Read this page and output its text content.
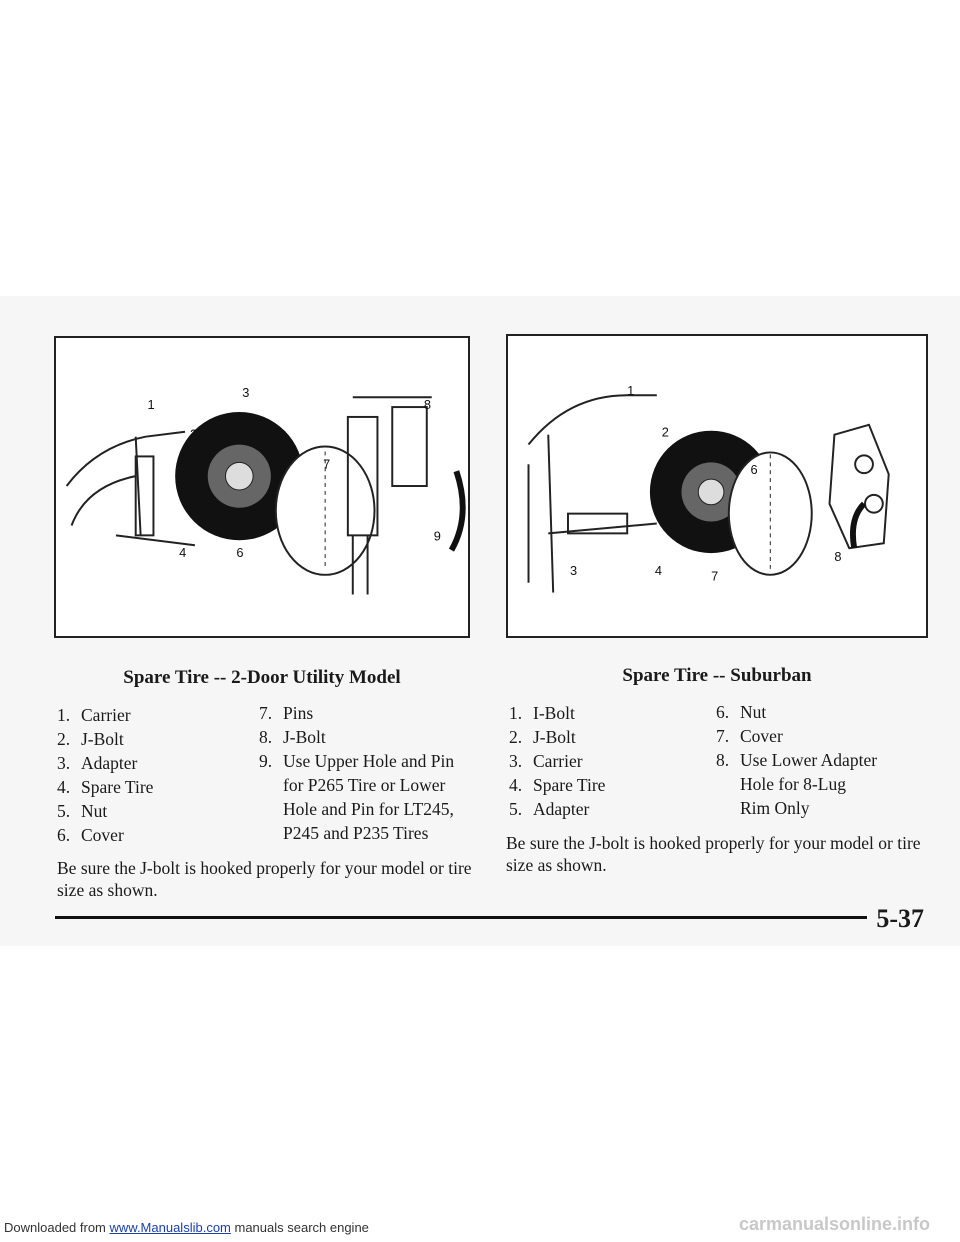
1
2
3
4
5
6
7
8
9
Spare Tire -- 2-Door Utility Model
1. Carrier
2. J-Bolt
3. Adapter
4. Spare Tire
5. Nut
6. Cover
7. Pins
8. J-Bolt
9. Use Upper Hole and Pin
for P265 Tire or Lower
Hole and Pin for LT245,
P245 and P235 Tires
Be sure the J-bolt is hooked properly for your model or tire size as shown.
1
2
3	4
5
6
7
8
Spare Tire -- Suburban
1. I-Bolt
2. J-Bolt
3. Carrier
4. Spare Tire
5. Adapter
6. Nut
7. Cover
8. Use Lower Adapter
Hole for 8-Lug
Rim Only
Be sure the J-bolt is hooked properly for your model or tire size as shown.
5-37
Downloaded from www.Manualslib.com manuals search engine	carmanualsonline.info
